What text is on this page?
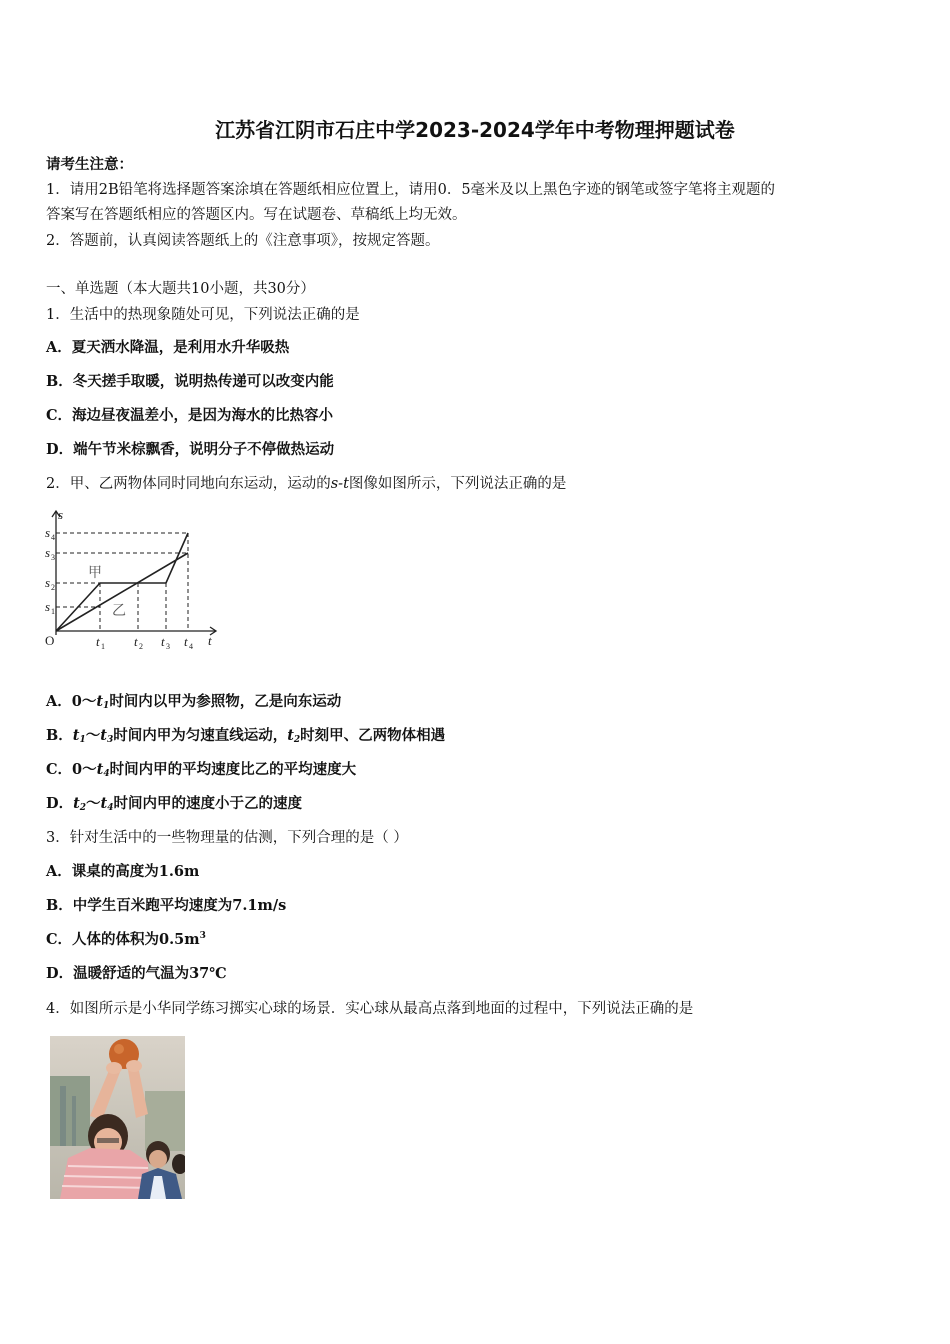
江苏省江阴市石庄中学2023-2024学年中考物理押题试卷
请考生注意：
1．请用2B铅笔将选择题答案涂填在答题纸相应位置上，请用0．5毫米及以上黑色字迹的钢笔或签字笔将主观题的
答案写在答题纸相应的答题区内。写在试题卷、草稿纸上均无效。
2．答题前，认真阅读答题纸上的《注意事项》，按规定答题。
一、单选题（本大题共10小题，共30分）
1．生活中的热现象随处可见，下列说法正确的是
A．夏天洒水降温，是利用水升华吸热
B．冬天搓手取暖，说明热传递可以改变内能
C．海边昼夜温差小，是因为海水的比热容小
D．端午节米棕飘香，说明分子不停做热运动
2．甲、乙两物体同时同地向东运动，运动的s-t图像如图所示，下列说法正确的是
s
t
O
s 4
s 3
s 2
s 1
t 1 t 2 t 3 t 4
甲
乙
A．$0\sim t_1$时间内以甲为参照物，乙是向东运动
B．$t_1\sim t_3$时间内甲为匀速直线运动，$t_2$时刻甲、乙两物体相遇
C．$0\sim t_4$时间内甲的平均速度比乙的平均速度大
D．$t_2\sim t_4$时间内甲的速度小于乙的速度
3．针对生活中的一些物理量的估测，下列合理的是（ ）
A．课桌的高度为1.6m
B．中学生百米跑平均速度为7.1m/s
C．人体的体积为$0.5m^3$
D．温暖舒适的气温为37℃
4．如图所示是小华同学练习掷实心球的场景．实心球从最高点落到地面的过程中，下列说法正确的是
